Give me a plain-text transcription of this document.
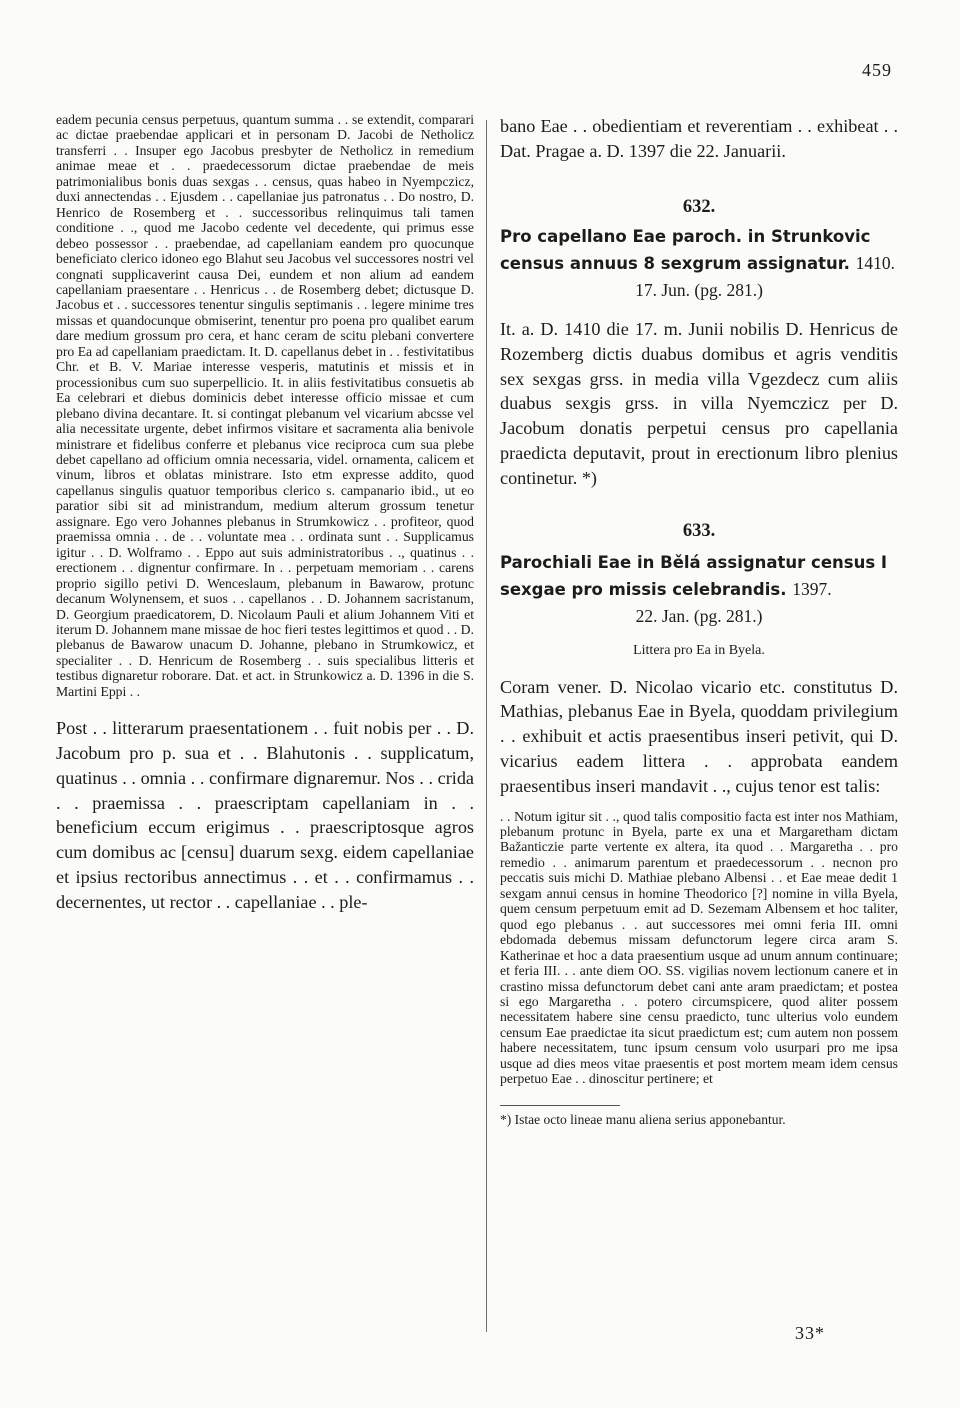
459

eadem pecunia census perpetuus, quantum summa . . se extendit, comparari ac dictae praebendae applicari et in personam D. Jacobi de Netholicz transferri . . Insuper ego Jacobus presbyter de Netholicz in remedium animae meae et . . praedecessorum dictae praebendae de meis patrimonialibus bonis duas sexgas . . census, quas habeo in Nyempczicz, duxi annectendas . . Ejusdem . . capellaniae jus patronatus . . Do nostro, D. Henrico de Rosemberg et . . successoribus relinquimus tali tamen conditione . ., quod me Jacobo cedente vel decedente, qui primus esse debeo possessor . . praebendae, ad capellaniam eandem pro quocunque beneficiato clerico idoneo ego Blahut seu Jacobus vel successores nostri vel congnati supplicaverint causa Dei, eundem et non alium ad eandem capellaniam praesentare . . Henricus . . de Rosemberg debet; dictusque D. Jacobus et . . successores tenentur singulis septimanis . . legere minime tres missas et quandocunque obmiserint, tenentur pro poena pro qualibet earum dare medium grossum pro cera, et hanc ceram de scitu plebani convertere pro Ea ad capellaniam praedictam. It. D. capellanus debet in . . festivitatibus Chr. et B. V. Mariae interesse vesperis, matutinis et missis et in processionibus cum suo superpellicio. It. in aliis festivitatibus consuetis ab Ea celebrari et diebus dominicis debet interesse officio missae et cum plebano divina decantare. It. si contingat plebanum vel vicarium abcsse vel alia necessitate urgente, debet infirmos visitare et sacramenta alia benivole ministrare et fidelibus conferre et plebanus vice reciproca cum sua plebe debet capellano ad officium omnia necessaria, videl. ornamenta, calicem et vinum, libros et oblatas ministrare. Isto etm expresse addito, quod capellanus singulis quatuor temporibus clerico s. campanario ibid., ut eo paratior sibi sit ad ministrandum, medium alterum grossum tenetur assignare. Ego vero Johannes plebanus in Strumkowicz . . profiteor, quod praemissa omnia . . de . . voluntate mea . . ordinata sunt . . Supplicamus igitur . . D. Wolframo . . Eppo aut suis administratoribus . ., quatinus . . erectionem . . dignentur confirmare. In . . perpetuam memoriam . . carens proprio sigillo petivi D. Wenceslaum, plebanum in Bawarow, protunc decanum Wolynensem, et suos . . capellanos . . D. Johannem sacristanum, D. Georgium praedicatorem, D. Nicolaum Pauli et alium Johannem Viti et iterum D. Johannem mane missae de hoc fieri testes legittimos et quod . . D. plebanus de Bawarow unacum D. Johanne, plebano in Strumkowicz, et specialiter . . D. Henricum de Rosemberg . . suis specialibus litteris et testibus dignaretur roborare. Dat. et act. in Strunkowicz a. D. 1396 in die S. Martini Eppi . .

Post . . litterarum praesentationem . . fuit nobis per . . D. Jacobum pro p. sua et . . Blahutonis . . supplicatum, quatinus . . omnia . . confirmare dignaremur. Nos . . crida . . praemissa . . praescriptam capellaniam in . . beneficium eccum erigimus . . praescriptosque agros cum domibus ac [censu] duarum sexg. eidem capellaniae et ipsius rectoribus annectimus . . et . . confirmamus . . decernentes, ut rector . . capellaniae . . ple-

bano Eae . . obedientiam et reverentiam . . exhibeat . . Dat. Pragae a. D. 1397 die 22. Januarii.

632.

Pro capellano Eae paroch. in Strunkovic census annuus 8 sexgrum assignatur. 1410.
17. Jun. (pg. 281.)

It. a. D. 1410 die 17. m. Junii nobilis D. Henricus de Rozemberg dictis duabus domibus et agris venditis sex sexgas grss. in media villa Vgezdecz cum aliis duabus sexgis grss. in villa Nyemczicz per D. Jacobum donatis perpetui census pro capellania praedicta deputavit, prout in erectionum libro plenius continetur. *)

633.

Parochiali Eae in Bělá assignatur census I sexgae pro missis celebrandis. 1397.
22. Jan. (pg. 281.)

Littera pro Ea in Byela.

Coram vener. D. Nicolao vicario etc. constitutus D. Mathias, plebanus Eae in Byela, quoddam privilegium . . exhibuit et actis praesentibus inseri petivit, qui D. vicarius eadem littera . . approbata eandem praesentibus inseri mandavit . ., cujus tenor est talis:

. . Notum igitur sit . ., quod talis compositio facta est inter nos Mathiam, plebanum protunc in Byela, parte ex una et Margaretham dictam Bažanticzie parte vertente ex altera, ita quod . . Margaretha . . pro remedio . . animarum parentum et praedecessorum . . necnon pro peccatis suis michi D. Mathiae plebano Albensi . . et Eae meae dedit 1 sexgam annui census in homine Theodorico [?] nomine in villa Byela, quem censum perpetuum emit ad D. Sezemam Albensem et hoc taliter, quod ego plebanus . . aut successores mei omni feria III. omni ebdomada debemus missam defunctorum legere circa aram S. Katherinae et hoc a data praesentium usque ad unum annum continuare; et feria III. . . ante diem OO. SS. vigilias novem lectionum canere et in crastino missa defunctorum debet cani ante aram praedictam; et postea si ego Margaretha . . potero circumspicere, quod aliter possem necessitatem habere sine censu praedicto, tunc ulterius volo eundem censum Eae praedictae ita sicut praedictum est; cum autem non possem habere necessitatem, tunc ipsum censum volo usurpari pro me ipsa usque ad dies meos vitae praesentis et post mortem meam idem census perpetuo Eae . . dinoscitur pertinere; et

*) Istae octo lineae manu aliena serius apponebantur.

33*
